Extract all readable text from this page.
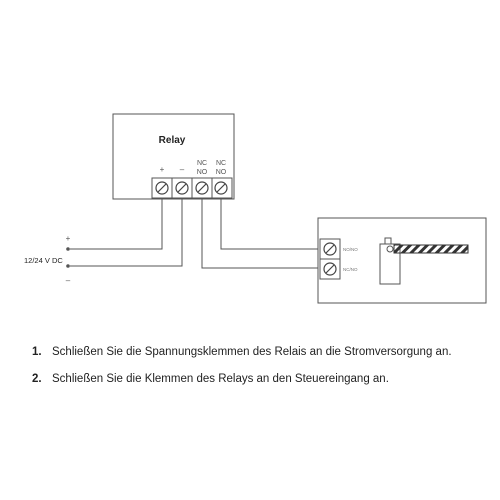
Relay
+ –
NC
NO
NC
NO
+
12/24 V DC
–
NO/NO
NC/NO
1. Schließen Sie die Spannungsklemmen des Relais an die Stromversorgung an.
2. Schließen Sie die Klemmen des Relays an den Steuereingang an.
